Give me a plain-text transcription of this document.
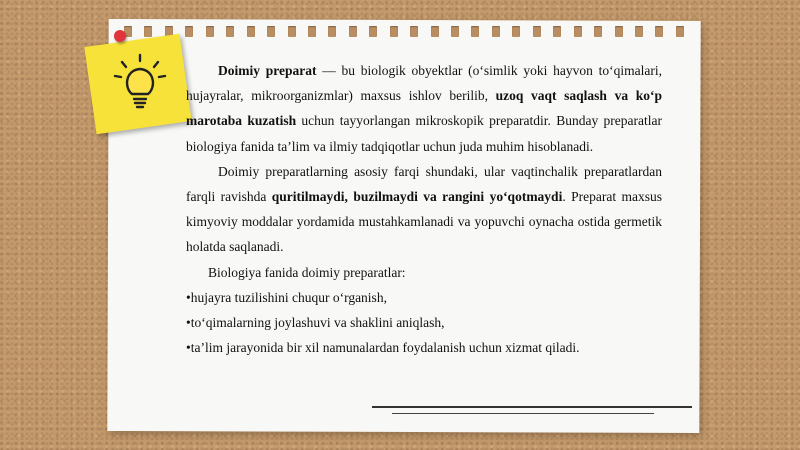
Doimiy preparat — bu biologik obyektlar (o‘simlik yoki hayvon to‘qimalari, hujayralar, mikroorganizmlar) maxsus ishlov berilib, uzoq vaqt saqlash va ko‘p marotaba kuzatish uchun tayyorlangan mikroskopik preparatdir. Bunday preparatlar biologiya fanida ta’lim va ilmiy tadqiqotlar uchun juda muhim hisoblanadi.

Doimiy preparatlarning asosiy farqi shundaki, ular vaqtinchalik preparatlardan farqli ravishda quritilmaydi, buzilmaydi va rangini yo‘qotmaydi. Preparat maxsus kimyoviy moddalar yordamida mustahkamlanadi va yopuvchi oynacha ostida germetik holatda saqlanadi.

Biologiya fanida doimiy preparatlar:

•hujayra tuzilishini chuqur o‘rganish,
•to‘qimalarning joylashuvi va shaklini aniqlash,
•ta’lim jarayonida bir xil namunalardan foydalanish uchun xizmat qiladi.
